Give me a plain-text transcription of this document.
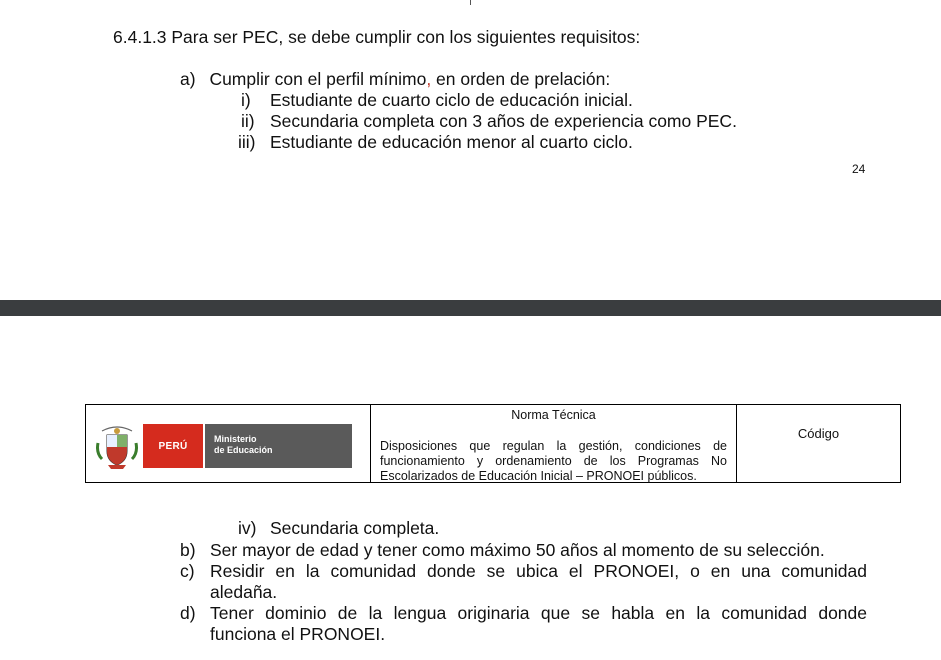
6.4.1.3 Para ser PEC, se debe cumplir con los siguientes requisitos:
a) Cumplir con el perfil mínimo, en orden de prelación:
i) Estudiante de cuarto ciclo de educación inicial.
ii) Secundaria completa con 3 años de experiencia como PEC.
iii) Estudiante de educación menor al cuarto ciclo.
24
PERÚ
Ministerio
de Educación
Norma Técnica
Disposiciones que regulan la gestión, condiciones de
funcionamiento y ordenamiento de los Programas No
Escolarizados de Educación Inicial – PRONOEI públicos.
Código
iv) Secundaria completa.
b) Ser mayor de edad y tener como máximo 50 años al momento de su selección.
c) Residir en la comunidad donde se ubica el PRONOEI, o en una comunidad
aledaña.
d) Tener dominio de la lengua originaria que se habla en la comunidad donde
funciona el PRONOEI.
